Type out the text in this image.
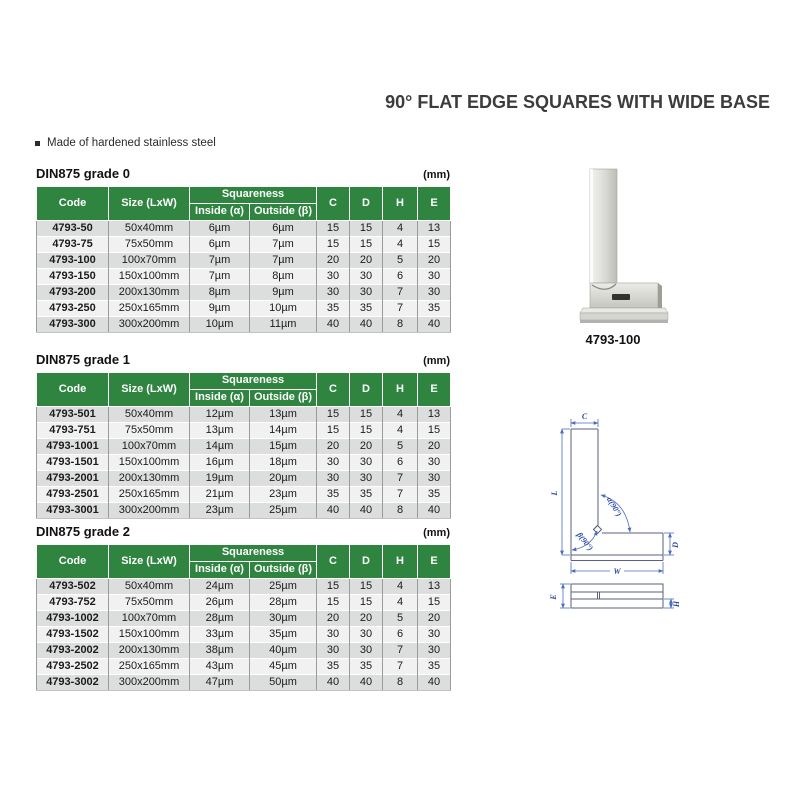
90° FLAT EDGE SQUARES WITH WIDE BASE
Made of hardened stainless steel
DIN875 grade 0	(mm)
Code	Size (LxW)	Squareness		C	D	H	E
		Inside (α)	Outside (β)				
4793-50	50x40mm	6µm	6µm	15	15	4	13
4793-75	75x50mm	6µm	7µm	15	15	4	15
4793-100	100x70mm	7µm	7µm	20	20	5	20
4793-150	150x100mm	7µm	8µm	30	30	6	30
4793-200	200x130mm	8µm	9µm	30	30	7	30
4793-250	250x165mm	9µm	10µm	35	35	7	35
4793-300	300x200mm	10µm	11µm	40	40	8	40
DIN875 grade 1	(mm)
Code	Size (LxW)	Squareness		C	D	H	E
		Inside (α)	Outside (β)				
4793-501	50x40mm	12µm	13µm	15	15	4	13
4793-751	75x50mm	13µm	14µm	15	15	4	15
4793-1001	100x70mm	14µm	15µm	20	20	5	20
4793-1501	150x100mm	16µm	18µm	30	30	6	30
4793-2001	200x130mm	19µm	20µm	30	30	7	30
4793-2501	250x165mm	21µm	23µm	35	35	7	35
4793-3001	300x200mm	23µm	25µm	40	40	8	40
DIN875 grade 2	(mm)
Code	Size (LxW)	Squareness		C	D	H	E
		Inside (α)	Outside (β)				
4793-502	50x40mm	24µm	25µm	15	15	4	13
4793-752	75x50mm	26µm	28µm	15	15	4	15
4793-1002	100x70mm	28µm	30µm	20	20	5	20
4793-1502	150x100mm	33µm	35µm	30	30	6	30
4793-2002	200x130mm	38µm	40µm	30	30	7	30
4793-2502	250x165mm	43µm	45µm	35	35	7	35
4793-3002	300x200mm	47µm	50µm	40	40	8	40
4793-100
C
L
D
W
E
H
α(90°)
β(90°)
